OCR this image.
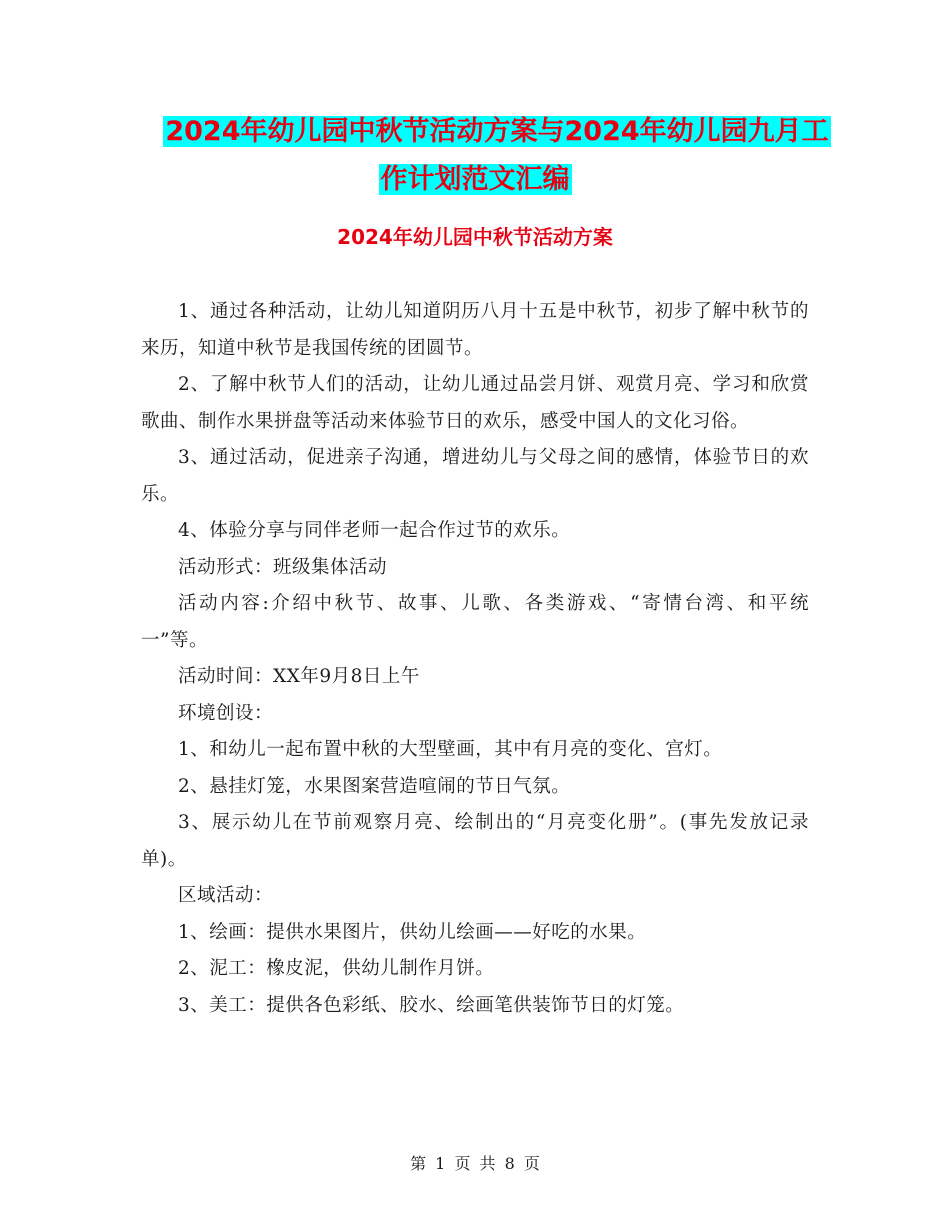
2024年幼儿园中秋节活动方案与2024年幼儿园九月工
作计划范文汇编
2024年幼儿园中秋节活动方案

1、通过各种活动，让幼儿知道阴历八月十五是中秋节，初步了解中秋节的来历，知道中秋节是我国传统的团圆节。

2、了解中秋节人们的活动，让幼儿通过品尝月饼、观赏月亮、学习和欣赏歌曲、制作水果拼盘等活动来体验节日的欢乐，感受中国人的文化习俗。

3、通过活动，促进亲子沟通，增进幼儿与父母之间的感情，体验节日的欢乐。

4、体验分享与同伴老师一起合作过节的欢乐。

活动形式：班级集体活动

活动内容:介绍中秋节、故事、儿歌、各类游戏、“寄情台湾、和平统一”等。

活动时间：XX年9月8日上午

环境创设：

1、和幼儿一起布置中秋的大型壁画，其中有月亮的变化、宫灯。

2、悬挂灯笼，水果图案营造喧闹的节日气氛。

3、展示幼儿在节前观察月亮、绘制出的“月亮变化册”。(事先发放记录单)。

区域活动：

1、绘画：提供水果图片，供幼儿绘画——好吃的水果。

2、泥工：橡皮泥，供幼儿制作月饼。

3、美工：提供各色彩纸、胶水、绘画笔供装饰节日的灯笼。

第 1 页 共 8 页
